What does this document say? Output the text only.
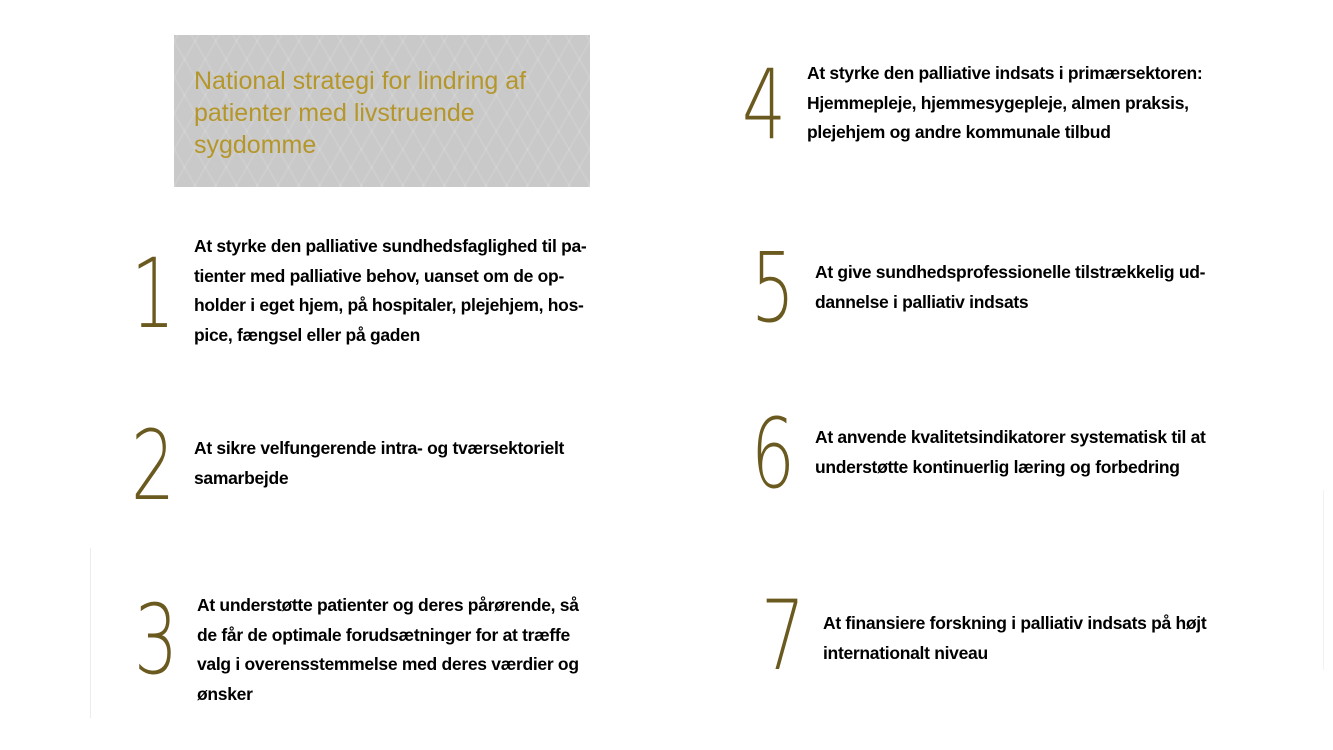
National strategi for lindring af patienter med livstruende sygdomme
1 At styrke den palliative sundhedsfaglighed til pa-
tienter med palliative behov, uanset om de op-
holder i eget hjem, på hospitaler, plejehjem, hos-
pice, fængsel eller på gaden
2 At sikre velfungerende intra- og tværsektorielt
samarbejde
3 At understøtte patienter og deres pårørende, så
de får de optimale forudsætninger for at træffe
valg i overensstemmelse med deres værdier og
ønsker
4 At styrke den palliative indsats i primærsektoren:
Hjemmepleje, hjemmesygepleje, almen praksis,
plejehjem og andre kommunale tilbud
5 At give sundhedsprofessionelle tilstrækkelig ud-
dannelse i palliativ indsats
6 At anvende kvalitetsindikatorer systematisk til at
understøtte kontinuerlig læring og forbedring
7 At finansiere forskning i palliativ indsats på højt
internationalt niveau
